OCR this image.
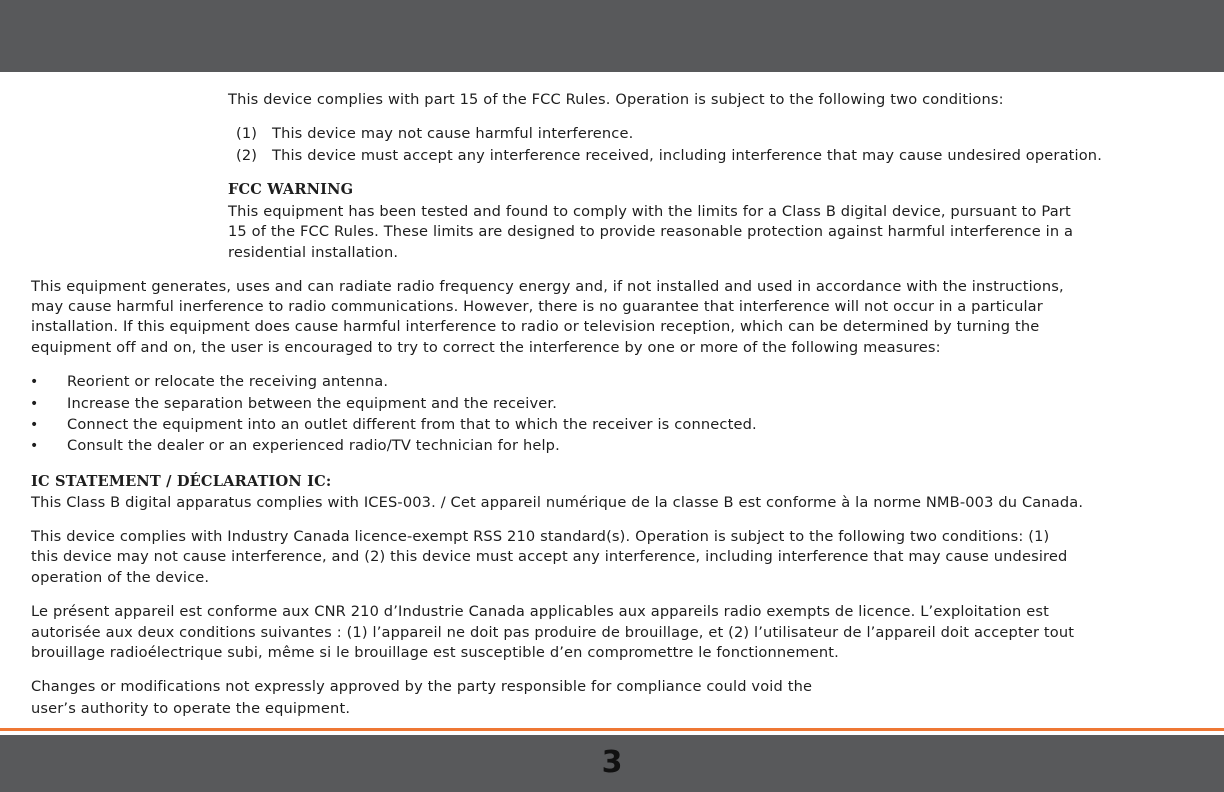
This device complies with part 15 of the FCC Rules. Operation is subject to the following two conditions:

(1) This device may not cause harmful interference.
(2) This device must accept any interference received, including interference that may cause undesired operation.

FCC WARNING

This equipment has been tested and found to comply with the limits for a Class B digital device, pursuant to Part

15 of the FCC Rules. These limits are designed to provide reasonable protection against harmful interference in a

residential installation.

This equipment generates, uses and can radiate radio frequency energy and, if not installed and used in accordance with the instructions,

may cause harmful inerference to radio communications. However, there is no guarantee that interference will not occur in a particular

installation. If this equipment does cause harmful interference to radio or television reception, which can be determined by turning the

equipment off and on, the user is encouraged to try to correct the interference by one or more of the following measures:

• Reorient or relocate the receiving antenna.
• Increase the separation between the equipment and the receiver.
• Connect the equipment into an outlet different from that to which the receiver is connected.
• Consult the dealer or an experienced radio/TV technician for help.

IC STATEMENT / DÉCLARATION IC:

This Class B digital apparatus complies with ICES-003. / Cet appareil numérique de la classe B est conforme à la norme NMB-003 du Canada.

This device complies with Industry Canada licence-exempt RSS 210 standard(s). Operation is subject to the following two conditions: (1)

this device may not cause interference, and (2) this device must accept any interference, including interference that may cause undesired

operation of the device.

Le présent appareil est conforme aux CNR 210 d’Industrie Canada applicables aux appareils radio exempts de licence. L’exploitation est

autorisée aux deux conditions suivantes : (1) l’appareil ne doit pas produire de brouillage, et (2) l’utilisateur de l’appareil doit accepter tout

brouillage radioélectrique subi, même si le brouillage est susceptible d’en compromettre le fonctionnement.

Changes or modifications not expressly approved by the party responsible for compliance could void the

user’s authority to operate the equipment.

3
